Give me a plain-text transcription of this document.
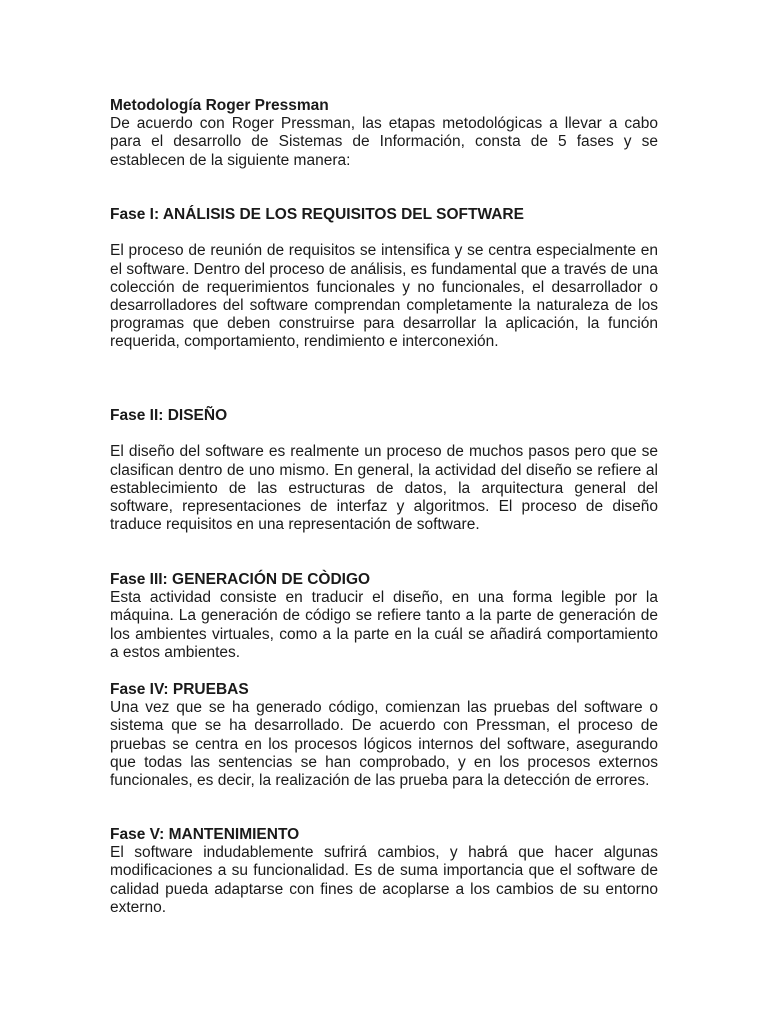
Metodología Roger Pressman

De acuerdo con Roger Pressman, las etapas metodológicas a llevar a cabo para el desarrollo de Sistemas de Información, consta de 5 fases y se establecen de la siguiente manera:

Fase I: ANÁLISIS DE LOS REQUISITOS DEL SOFTWARE

El proceso de reunión de requisitos se intensifica y se centra especialmente en el software. Dentro del proceso de análisis, es fundamental que a través de una colección de requerimientos funcionales y no funcionales, el desarrollador o desarrolladores del software comprendan completamente la naturaleza de los programas que deben construirse para desarrollar la aplicación, la función requerida, comportamiento, rendimiento e interconexión.

Fase II: DISEÑO

El diseño del software es realmente un proceso de muchos pasos pero que se clasifican dentro de uno mismo. En general, la actividad del diseño se refiere al establecimiento de las estructuras de datos, la arquitectura general del software, representaciones de interfaz y algoritmos. El proceso de diseño traduce requisitos en una representación de software.

Fase III: GENERACIÓN DE CÒDIGO

Esta actividad consiste en traducir el diseño, en una forma legible por la máquina. La generación de código se refiere tanto a la parte de generación de los ambientes virtuales, como a la parte en la cuál se añadirá comportamiento a estos ambientes.

Fase IV: PRUEBAS

Una vez que se ha generado código, comienzan las pruebas del software o sistema que se ha desarrollado. De acuerdo con Pressman, el proceso de pruebas se centra en los procesos lógicos internos del software, asegurando que todas las sentencias se han comprobado, y en los procesos externos funcionales, es decir, la realización de las prueba para la detección de errores.

Fase V: MANTENIMIENTO

El software indudablemente sufrirá cambios, y habrá que hacer algunas modificaciones a su funcionalidad. Es de suma importancia que el software de calidad pueda adaptarse con fines de acoplarse a los cambios de su entorno externo.
